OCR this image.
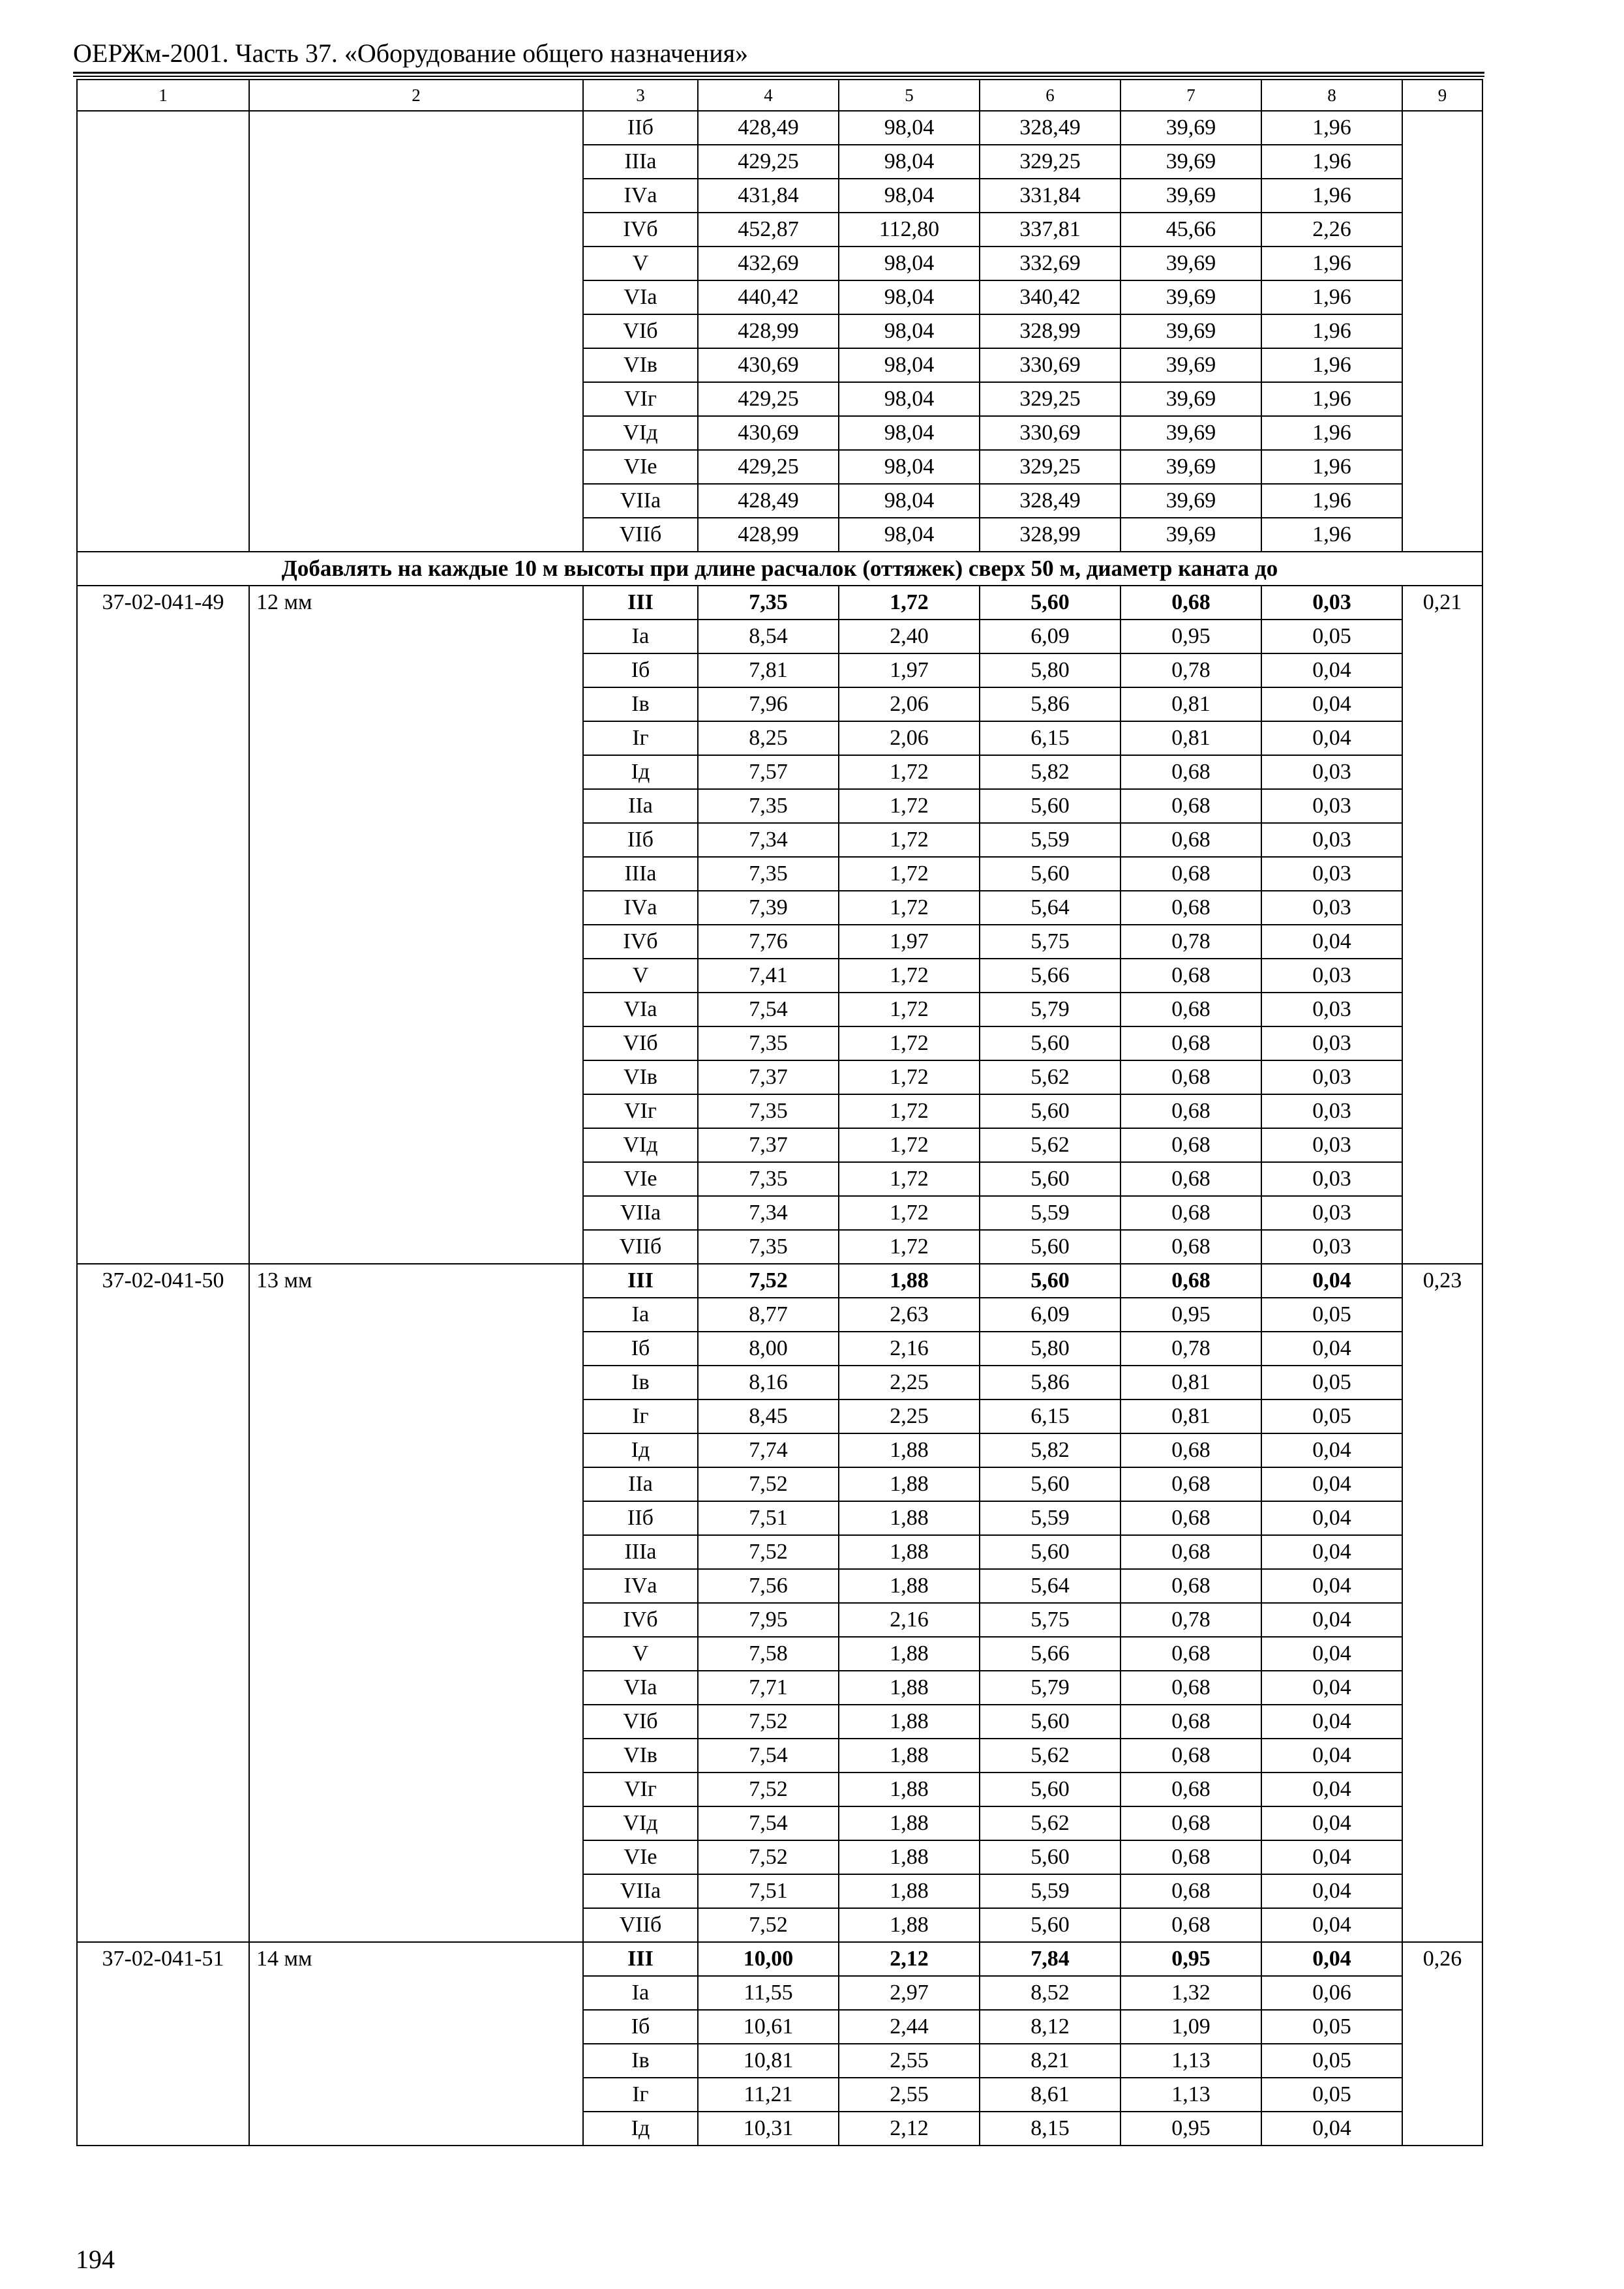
ОЕРЖм-2001. Часть 37. «Оборудование общего назначения»
1	2	3	4	5	6	7	8	9
		IIб	428,49	98,04	328,49	39,69	1,96	
		IIIа	429,25	98,04	329,25	39,69	1,96	
		IVа	431,84	98,04	331,84	39,69	1,96	
		IVб	452,87	112,80	337,81	45,66	2,26	
		V	432,69	98,04	332,69	39,69	1,96	
		VIа	440,42	98,04	340,42	39,69	1,96	
		VIб	428,99	98,04	328,99	39,69	1,96	
		VIв	430,69	98,04	330,69	39,69	1,96	
		VIг	429,25	98,04	329,25	39,69	1,96	
		VIд	430,69	98,04	330,69	39,69	1,96	
		VIе	429,25	98,04	329,25	39,69	1,96	
		VIIа	428,49	98,04	328,49	39,69	1,96	
		VIIб	428,99	98,04	328,99	39,69	1,96	
Добавлять на каждые 10 м высоты при длине расчалок (оттяжек) сверх 50 м, диаметр каната до								
37-02-041-49	12 мм	III	7,35	1,72	5,60	0,68	0,03	0,21
		Iа	8,54	2,40	6,09	0,95	0,05	
		Iб	7,81	1,97	5,80	0,78	0,04	
		Iв	7,96	2,06	5,86	0,81	0,04	
		Iг	8,25	2,06	6,15	0,81	0,04	
		Iд	7,57	1,72	5,82	0,68	0,03	
		IIа	7,35	1,72	5,60	0,68	0,03	
		IIб	7,34	1,72	5,59	0,68	0,03	
		IIIа	7,35	1,72	5,60	0,68	0,03	
		IVа	7,39	1,72	5,64	0,68	0,03	
		IVб	7,76	1,97	5,75	0,78	0,04	
		V	7,41	1,72	5,66	0,68	0,03	
		VIа	7,54	1,72	5,79	0,68	0,03	
		VIб	7,35	1,72	5,60	0,68	0,03	
		VIв	7,37	1,72	5,62	0,68	0,03	
		VIг	7,35	1,72	5,60	0,68	0,03	
		VIд	7,37	1,72	5,62	0,68	0,03	
		VIе	7,35	1,72	5,60	0,68	0,03	
		VIIа	7,34	1,72	5,59	0,68	0,03	
		VIIб	7,35	1,72	5,60	0,68	0,03	
37-02-041-50	13 мм	III	7,52	1,88	5,60	0,68	0,04	0,23
		Iа	8,77	2,63	6,09	0,95	0,05	
		Iб	8,00	2,16	5,80	0,78	0,04	
		Iв	8,16	2,25	5,86	0,81	0,05	
		Iг	8,45	2,25	6,15	0,81	0,05	
		Iд	7,74	1,88	5,82	0,68	0,04	
		IIа	7,52	1,88	5,60	0,68	0,04	
		IIб	7,51	1,88	5,59	0,68	0,04	
		IIIа	7,52	1,88	5,60	0,68	0,04	
		IVа	7,56	1,88	5,64	0,68	0,04	
		IVб	7,95	2,16	5,75	0,78	0,04	
		V	7,58	1,88	5,66	0,68	0,04	
		VIа	7,71	1,88	5,79	0,68	0,04	
		VIб	7,52	1,88	5,60	0,68	0,04	
		VIв	7,54	1,88	5,62	0,68	0,04	
		VIг	7,52	1,88	5,60	0,68	0,04	
		VIд	7,54	1,88	5,62	0,68	0,04	
		VIе	7,52	1,88	5,60	0,68	0,04	
		VIIа	7,51	1,88	5,59	0,68	0,04	
		VIIб	7,52	1,88	5,60	0,68	0,04	
37-02-041-51	14 мм	III	10,00	2,12	7,84	0,95	0,04	0,26
		Iа	11,55	2,97	8,52	1,32	0,06	
		Iб	10,61	2,44	8,12	1,09	0,05	
		Iв	10,81	2,55	8,21	1,13	0,05	
		Iг	11,21	2,55	8,61	1,13	0,05	
		Iд	10,31	2,12	8,15	0,95	0,04	
194
